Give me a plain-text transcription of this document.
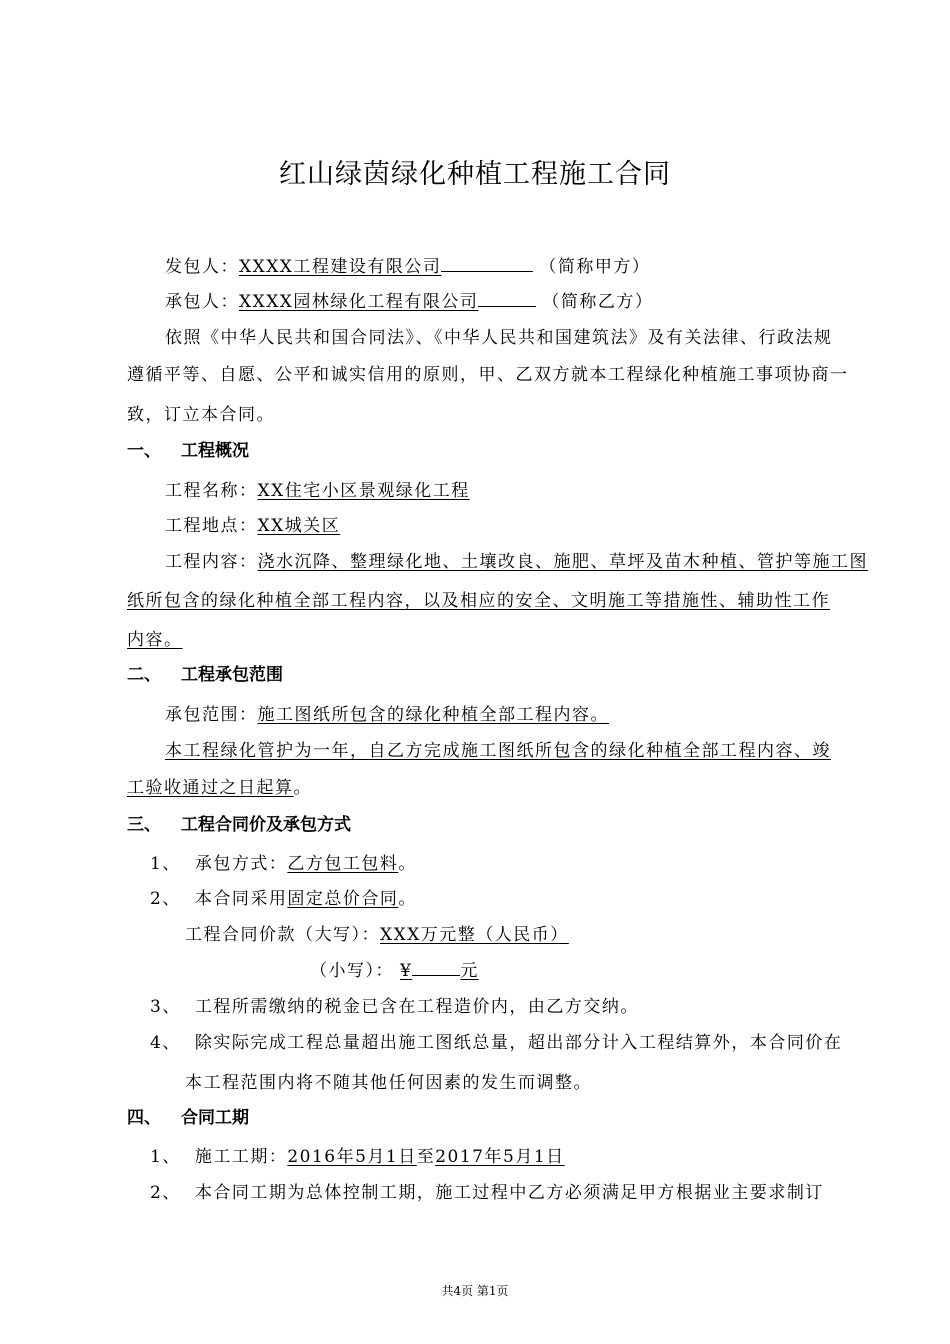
红山绿茵绿化种植工程施工合同
发包人：XXXX工程建设有限公司	（简称甲方）
承包人：XXXX园林绿化工程有限公司	（简称乙方）
依照《中华人民共和国合同法》、《中华人民共和国建筑法》及有关法律、行政法规
遵循平等、自愿、公平和诚实信用的原则，甲、乙双方就本工程绿化种植施工事项协商一
致，订立本合同。
一、 工程概况
工程名称：XX住宅小区景观绿化工程
工程地点：XX城关区
工程内容：浇水沉降、整理绿化地、土壤改良、施肥、草坪及苗木种植、管护等施工图
纸所包含的绿化种植全部工程内容，以及相应的安全、文明施工等措施性、辅助性工作
内容。
二、 工程承包范围
承包范围：施工图纸所包含的绿化种植全部工程内容。
本工程绿化管护为一年，自乙方完成施工图纸所包含的绿化种植全部工程内容、竣
工验收通过之日起算。
三、 工程合同价及承包方式
1、 承包方式：乙方包工包料。
2、 本合同采用固定总价合同。
工程合同价款（大写）：XXX万元整（人民币）
（小写）： ¥	元
3、 工程所需缴纳的税金已含在工程造价内，由乙方交纳。
4、 除实际完成工程总量超出施工图纸总量，超出部分计入工程结算外，本合同价在
本工程范围内将不随其他任何因素的发生而调整。
四、 合同工期
1、 施工工期：2016年5月1日至2017年5月1日
2、 本合同工期为总体控制工期，施工过程中乙方必须满足甲方根据业主要求制订
共4页 第1页
